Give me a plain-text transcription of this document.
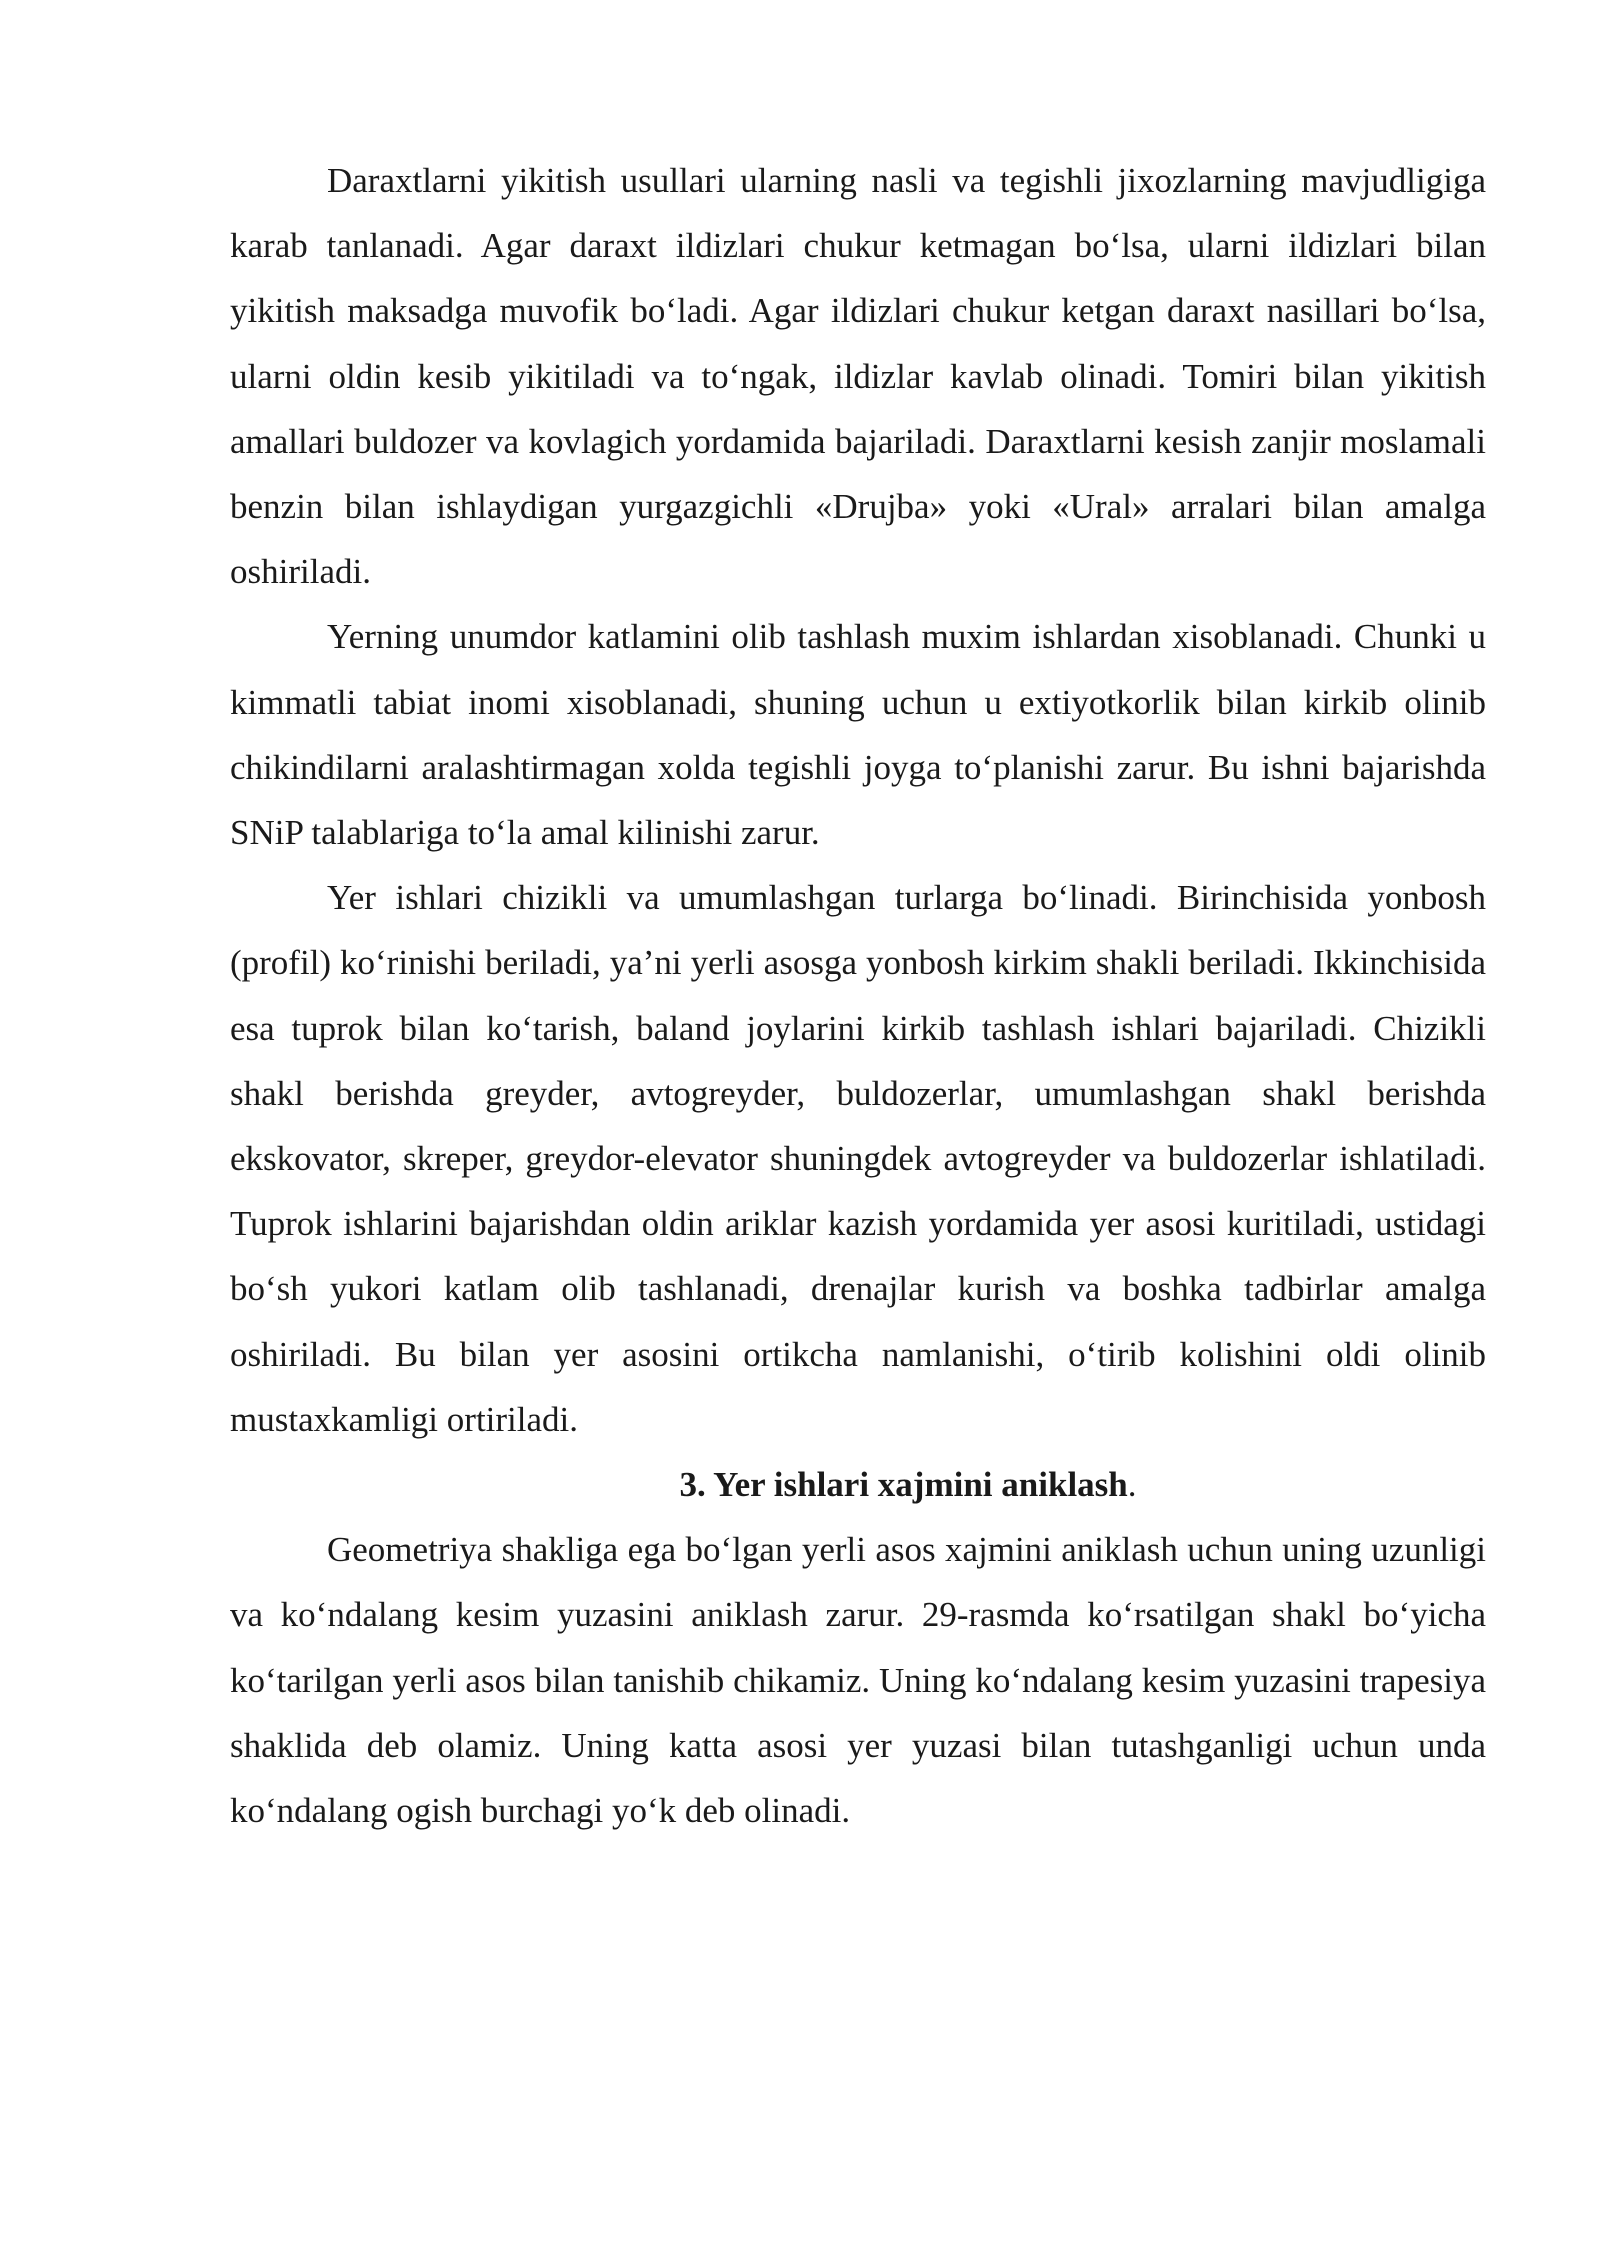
Daraxtlarni yikitish usullari ularning nasli va tegishli jixozlarning mavjudligiga karab tanlanadi. Agar daraxt ildizlari chukur ketmagan bo‘lsa, ularni ildizlari bilan yikitish maksadga muvofik bo‘ladi. Agar ildizlari chukur ketgan daraxt nasillari bo‘lsa, ularni oldin kesib yikitiladi va to‘ngak, ildizlar kavlab olinadi. Tomiri bilan yikitish amallari buldozer va kovlagich yordamida bajariladi. Daraxtlarni kesish zanjir moslamali benzin bilan ishlaydigan yurgazgichli «Drujba» yoki «Ural» arralari bilan amalga oshiriladi.

Yerning unumdor katlamini olib tashlash muxim ishlardan xisoblanadi. Chunki u kimmatli tabiat inomi xisoblanadi, shuning uchun u extiyotkorlik bilan kirkib olinib chikindilarni aralashtirmagan xolda tegishli joyga to‘planishi zarur. Bu ishni bajarishda SNiP talablariga to‘la amal kilinishi zarur.

Yer ishlari chizikli va umumlashgan turlarga bo‘linadi. Birinchisida yonbosh (profil) ko‘rinishi beriladi, ya’ni yerli asosga yonbosh kirkim shakli beriladi. Ikkinchisida esa tuprok bilan ko‘tarish, baland joylarini kirkib tashlash ishlari bajariladi. Chizikli shakl berishda greyder, avtogreyder, buldozerlar, umumlashgan shakl berishda ekskovator, skreper, greydor-elevator shuningdek avtogreyder va buldozerlar ishlatiladi. Tuprok ishlarini bajarishdan oldin ariklar kazish yordamida yer asosi kuritiladi, ustidagi bo‘sh yukori katlam olib tashlanadi, drenajlar kurish va boshka tadbirlar amalga oshiriladi. Bu bilan yer asosini ortikcha namlanishi, o‘tirib kolishini oldi olinib mustaxkamligi ortiriladi.

3. Yer ishlari xajmini aniklash.

Geometriya shakliga ega bo‘lgan yerli asos xajmini aniklash uchun uning uzunligi va ko‘ndalang kesim yuzasini aniklash zarur. 29-rasmda ko‘rsatilgan shakl bo‘yicha ko‘tarilgan yerli asos bilan tanishib chikamiz. Uning ko‘ndalang kesim yuzasini trapesiya shaklida deb olamiz. Uning katta asosi yer yuzasi bilan tutashganligi uchun unda ko‘ndalang ogish burchagi yo‘k deb olinadi.
